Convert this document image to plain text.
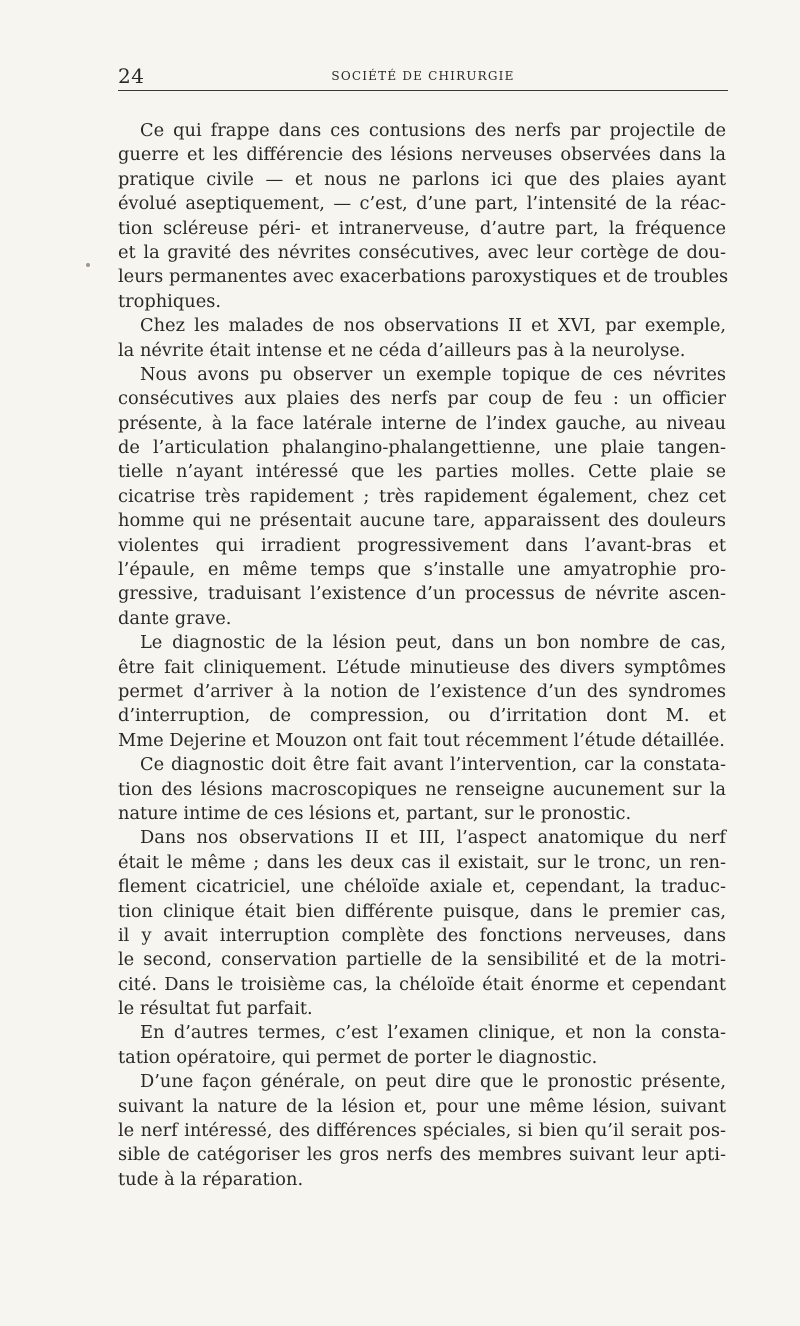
24	SOCIÉTÉ DE CHIRURGIE
Ce qui frappe dans ces contusions des nerfs par projectile de
guerre et les différencie des lésions nerveuses observées dans la
pratique civile — et nous ne parlons ici que des plaies ayant
évolué aseptiquement, — c’est, d’une part, l’intensité de la réac-
tion scléreuse péri- et intranerveuse, d’autre part, la fréquence
et la gravité des névrites consécutives, avec leur cortège de dou-
leurs permanentes avec exacerbations paroxystiques et de troubles
trophiques.
Chez les malades de nos observations II et XVI, par exemple,
la névrite était intense et ne céda d’ailleurs pas à la neurolyse.
Nous avons pu observer un exemple topique de ces névrites
consécutives aux plaies des nerfs par coup de feu : un officier
présente, à la face latérale interne de l’index gauche, au niveau
de l’articulation phalangino-phalangettienne, une plaie tangen-
tielle n’ayant intéressé que les parties molles. Cette plaie se
cicatrise très rapidement ; très rapidement également, chez cet
homme qui ne présentait aucune tare, apparaissent des douleurs
violentes qui irradient progressivement dans l’avant-bras et
l’épaule, en même temps que s’installe une amyatrophie pro-
gressive, traduisant l’existence d’un processus de névrite ascen-
dante grave.
Le diagnostic de la lésion peut, dans un bon nombre de cas,
être fait cliniquement. L’étude minutieuse des divers symptômes
permet d’arriver à la notion de l’existence d’un des syndromes
d’interruption, de compression, ou d’irritation dont M. et
Mme Dejerine et Mouzon ont fait tout récemment l’étude détaillée.
Ce diagnostic doit être fait avant l’intervention, car la constata-
tion des lésions macroscopiques ne renseigne aucunement sur la
nature intime de ces lésions et, partant, sur le pronostic.
Dans nos observations II et III, l’aspect anatomique du nerf
était le même ; dans les deux cas il existait, sur le tronc, un ren-
flement cicatriciel, une chéloïde axiale et, cependant, la traduc-
tion clinique était bien différente puisque, dans le premier cas,
il y avait interruption complète des fonctions nerveuses, dans
le second, conservation partielle de la sensibilité et de la motri-
cité. Dans le troisième cas, la chéloïde était énorme et cependant
le résultat fut parfait.
En d’autres termes, c’est l’examen clinique, et non la consta-
tation opératoire, qui permet de porter le diagnostic.
D’une façon générale, on peut dire que le pronostic présente,
suivant la nature de la lésion et, pour une même lésion, suivant
le nerf intéressé, des différences spéciales, si bien qu’il serait pos-
sible de catégoriser les gros nerfs des membres suivant leur apti-
tude à la réparation.
